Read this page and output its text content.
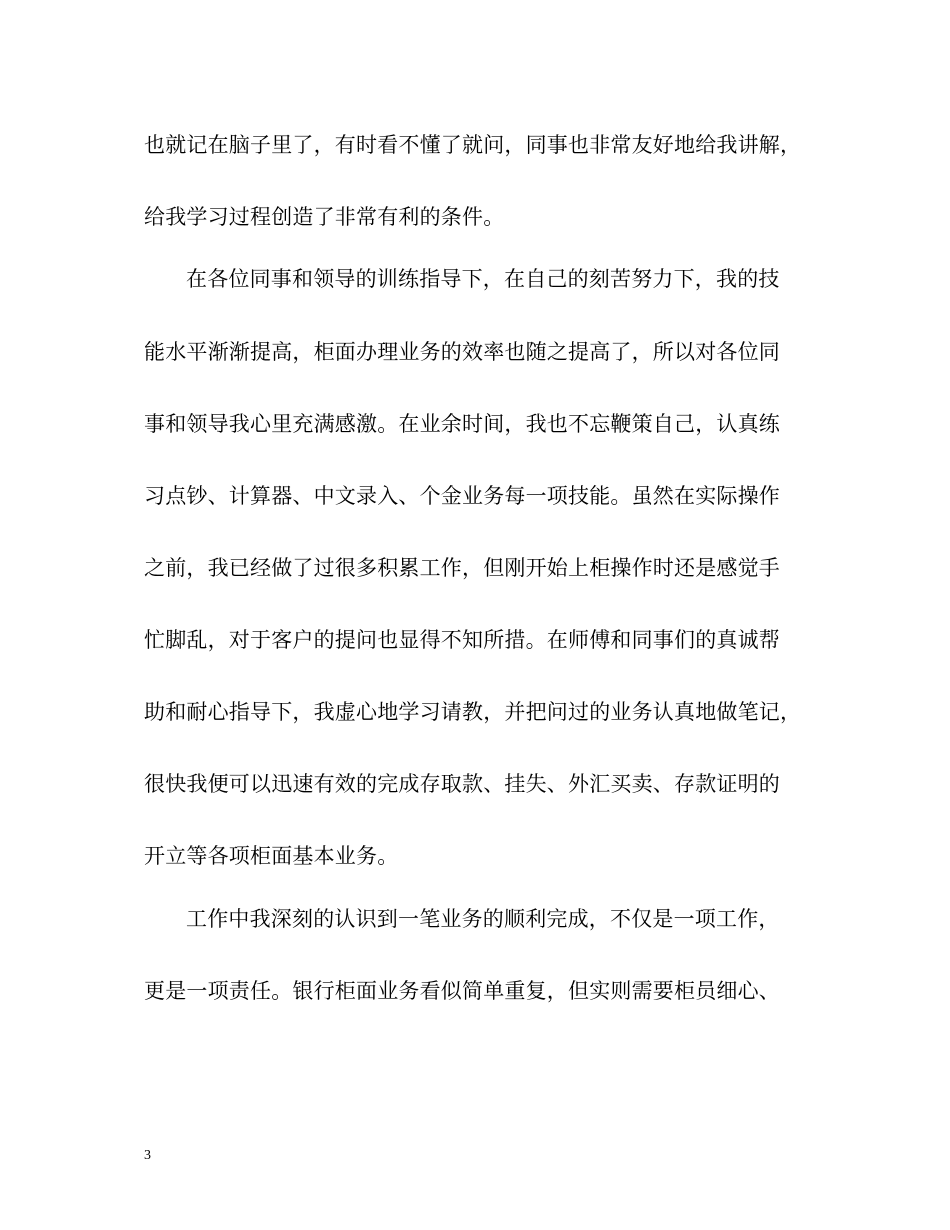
也就记在脑子里了，有时看不懂了就问，同事也非常友好地给我讲解，
给我学习过程创造了非常有利的条件。
在各位同事和领导的训练指导下，在自己的刻苦努力下，我的技
能水平渐渐提高，柜面办理业务的效率也随之提高了，所以对各位同
事和领导我心里充满感激。在业余时间，我也不忘鞭策自己，认真练
习点钞、计算器、中文录入、个金业务每一项技能。虽然在实际操作
之前，我已经做了过很多积累工作，但刚开始上柜操作时还是感觉手
忙脚乱，对于客户的提问也显得不知所措。在师傅和同事们的真诚帮
助和耐心指导下，我虚心地学习请教，并把问过的业务认真地做笔记，
很快我便可以迅速有效的完成存取款、挂失、外汇买卖、存款证明的
开立等各项柜面基本业务。
工作中我深刻的认识到一笔业务的顺利完成，不仅是一项工作，
更是一项责任。银行柜面业务看似简单重复，但实则需要柜员细心、
3
